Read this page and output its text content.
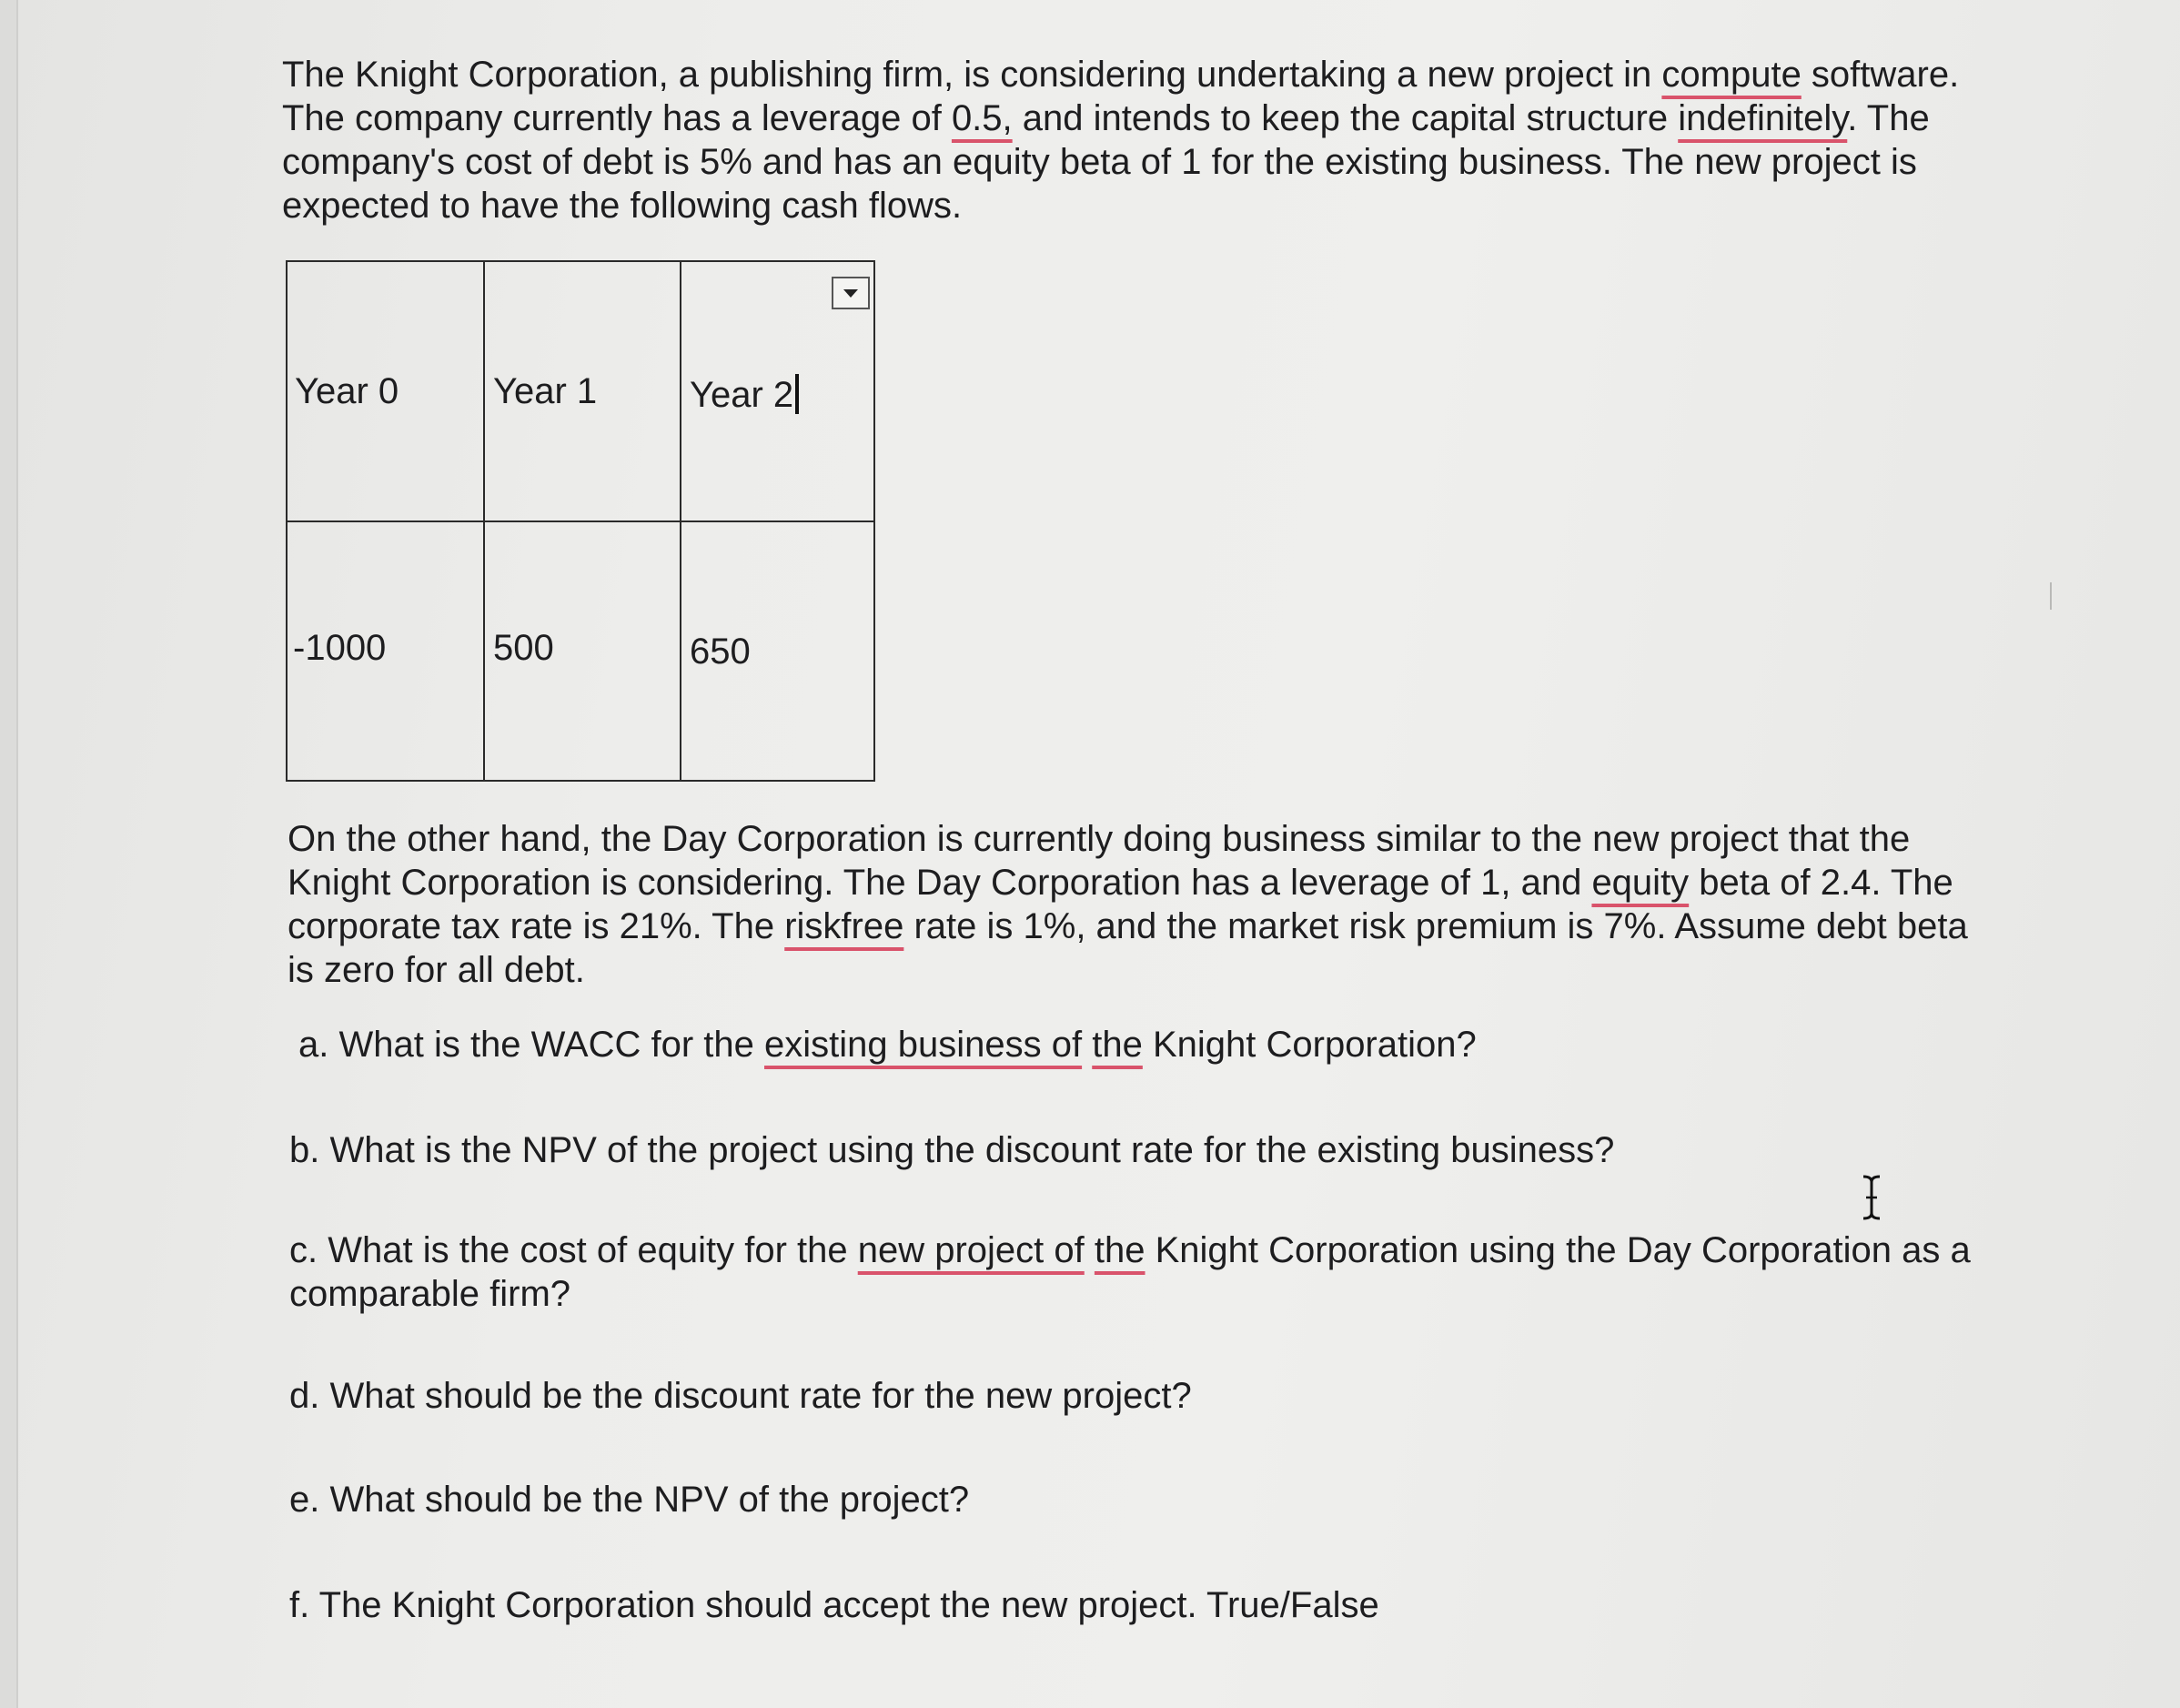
The Knight Corporation, a publishing firm, is considering undertaking a new project in compute software.
The company currently has a leverage of 0.5, and intends to keep the capital structure indefinitely. The
company's cost of debt is 5% and has an equity beta of 1 for the existing business. The new project is
expected to have the following cash flows.

Year 0	Year 1	Year 2
-1000	500	650

On the other hand, the Day Corporation is currently doing business similar to the new project that the
Knight Corporation is considering. The Day Corporation has a leverage of 1, and equity beta of 2.4. The
corporate tax rate is 21%. The riskfree rate is 1%, and the market risk premium is 7%. Assume debt beta
is zero for all debt.

a. What is the WACC for the existing business of the Knight Corporation?

b. What is the NPV of the project using the discount rate for the existing business?

c. What is the cost of equity for the new project of the Knight Corporation using the Day Corporation as a
comparable firm?

d. What should be the discount rate for the new project?

e. What should be the NPV of the project?

f. The Knight Corporation should accept the new project. True/False
